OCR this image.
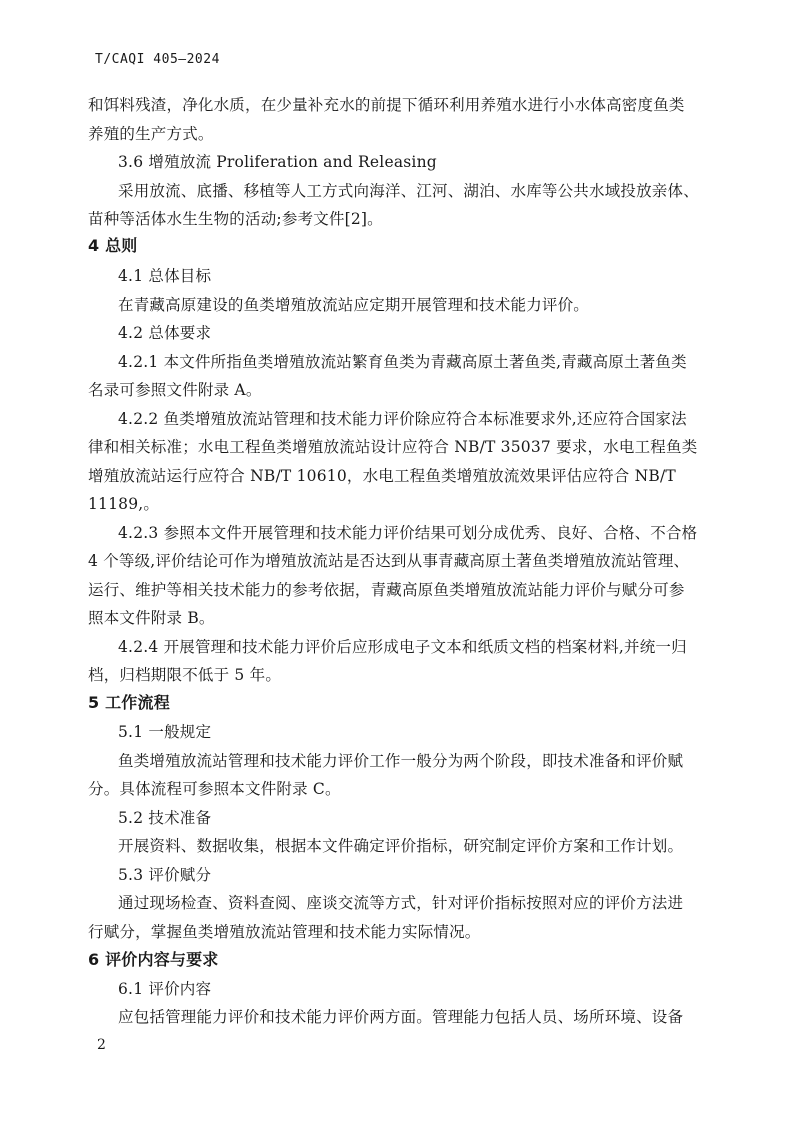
T/CAQI 405—2024
和饵料残渣，净化水质，在少量补充水的前提下循环利用养殖水进行小水体高密度鱼类
养殖的生产方式。
3.6 增殖放流 Proliferation and Releasing
采用放流、底播、移植等人工方式向海洋、江河、湖泊、水库等公共水域投放亲体、
苗种等活体水生生物的活动;参考文件[2]。
4 总则
4.1 总体目标
在青藏高原建设的鱼类增殖放流站应定期开展管理和技术能力评价。
4.2 总体要求
4.2.1 本文件所指鱼类增殖放流站繁育鱼类为青藏高原土著鱼类,青藏高原土著鱼类
名录可参照文件附录 A。
4.2.2 鱼类增殖放流站管理和技术能力评价除应符合本标准要求外,还应符合国家法
律和相关标准；水电工程鱼类增殖放流站设计应符合 NB/T 35037 要求，水电工程鱼类
增殖放流站运行应符合 NB/T 10610，水电工程鱼类增殖放流效果评估应符合 NB/T
11189,。
4.2.3 参照本文件开展管理和技术能力评价结果可划分成优秀、良好、合格、不合格
4 个等级,评价结论可作为增殖放流站是否达到从事青藏高原土著鱼类增殖放流站管理、
运行、维护等相关技术能力的参考依据，青藏高原鱼类增殖放流站能力评价与赋分可参
照本文件附录 B。
4.2.4 开展管理和技术能力评价后应形成电子文本和纸质文档的档案材料,并统一归
档，归档期限不低于 5 年。
5 工作流程
5.1 一般规定
鱼类增殖放流站管理和技术能力评价工作一般分为两个阶段，即技术准备和评价赋
分。具体流程可参照本文件附录 C。
5.2 技术准备
开展资料、数据收集，根据本文件确定评价指标，研究制定评价方案和工作计划。
5.3 评价赋分
通过现场检查、资料查阅、座谈交流等方式，针对评价指标按照对应的评价方法进
行赋分，掌握鱼类增殖放流站管理和技术能力实际情况。
6 评价内容与要求
6.1 评价内容
应包括管理能力评价和技术能力评价两方面。管理能力包括人员、场所环境、设备
2
